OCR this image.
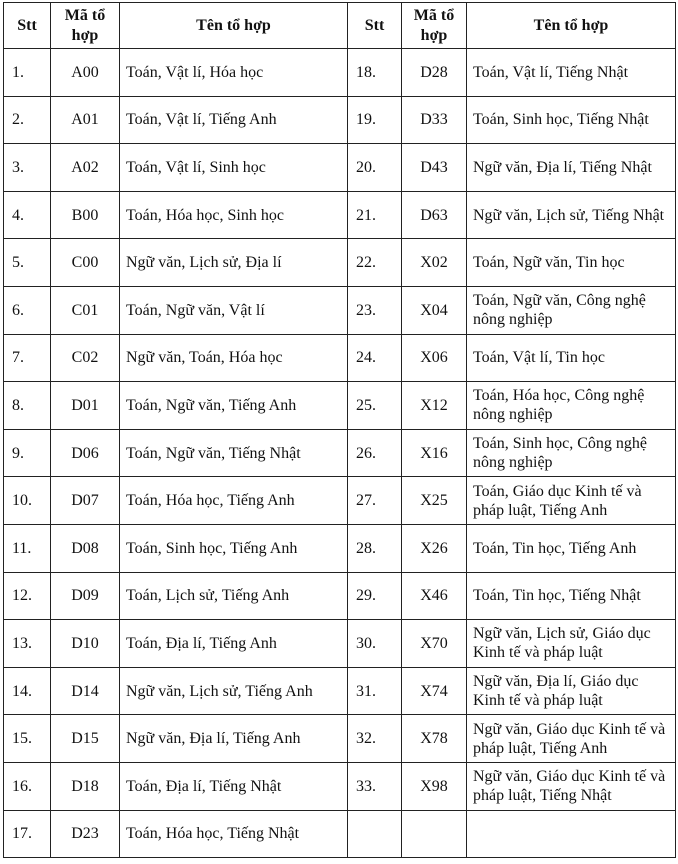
Stt	Mã tổ hợp	Tên tổ hợp	Stt	Mã tổ hợp	Tên tổ hợp
1.	A00	Toán, Vật lí, Hóa học	18.	D28	Toán, Vật lí, Tiếng Nhật
2.	A01	Toán, Vật lí, Tiếng Anh	19.	D33	Toán, Sinh học, Tiếng Nhật
3.	A02	Toán, Vật lí, Sinh học	20.	D43	Ngữ văn, Địa lí, Tiếng Nhật
4.	B00	Toán, Hóa học, Sinh học	21.	D63	Ngữ văn, Lịch sử, Tiếng Nhật
5.	C00	Ngữ văn, Lịch sử, Địa lí	22.	X02	Toán, Ngữ văn, Tin học
6.	C01	Toán, Ngữ văn, Vật lí	23.	X04	Toán, Ngữ văn, Công nghệ nông nghiệp
7.	C02	Ngữ văn, Toán, Hóa học	24.	X06	Toán, Vật lí, Tin học
8.	D01	Toán, Ngữ văn, Tiếng Anh	25.	X12	Toán, Hóa học, Công nghệ nông nghiệp
9.	D06	Toán, Ngữ văn, Tiếng Nhật	26.	X16	Toán, Sinh học, Công nghệ nông nghiệp
10.	D07	Toán, Hóa học, Tiếng Anh	27.	X25	Toán, Giáo dục Kinh tế và pháp luật, Tiếng Anh
11.	D08	Toán, Sinh học, Tiếng Anh	28.	X26	Toán, Tin học, Tiếng Anh
12.	D09	Toán, Lịch sử, Tiếng Anh	29.	X46	Toán, Tin học, Tiếng Nhật
13.	D10	Toán, Địa lí, Tiếng Anh	30.	X70	Ngữ văn, Lịch sử, Giáo dục Kinh tế và pháp luật
14.	D14	Ngữ văn, Lịch sử, Tiếng Anh	31.	X74	Ngữ văn, Địa lí, Giáo dục Kinh tế và pháp luật
15.	D15	Ngữ văn, Địa lí, Tiếng Anh	32.	X78	Ngữ văn, Giáo dục Kinh tế và pháp luật, Tiếng Anh
16.	D18	Toán, Địa lí, Tiếng Nhật	33.	X98	Ngữ văn, Giáo dục Kinh tế và pháp luật, Tiếng Nhật
17.	D23	Toán, Hóa học, Tiếng Nhật			
